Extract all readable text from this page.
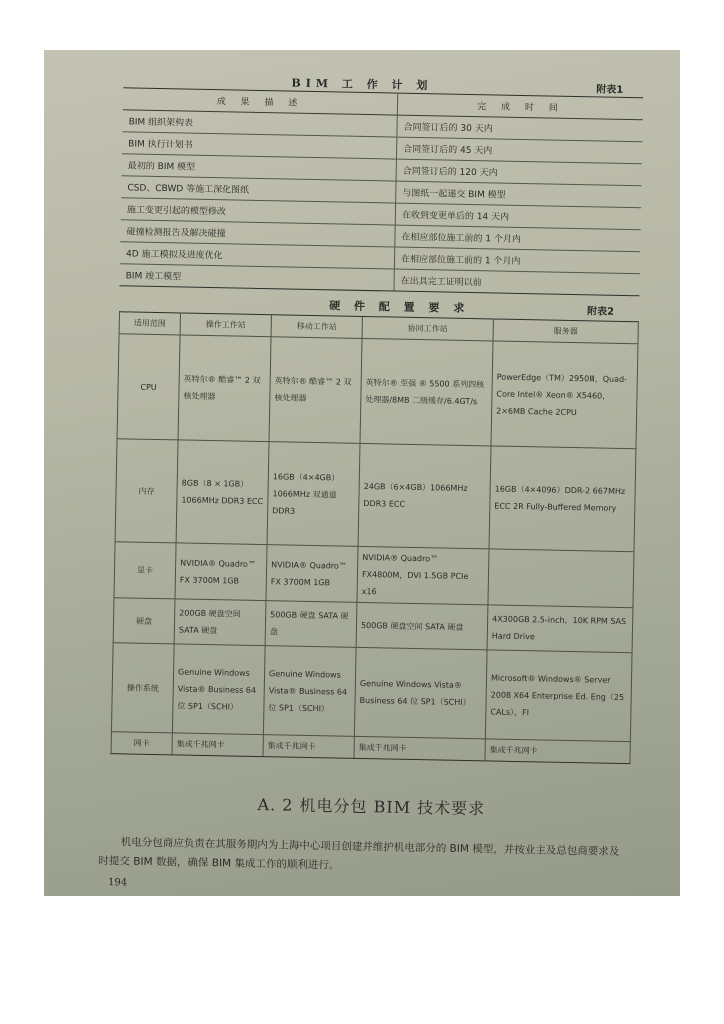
BIM 工 作 计 划	附表1
成 果 描 述	完 成 时 间
BIM 组织架构表	合同签订后的 30 天内
BIM 执行计划书	合同签订后的 45 天内
最初的 BIM 模型	合同签订后的 120 天内
CSD、CBWD 等施工深化图纸	与图纸一起递交 BIM 模型
施工变更引起的模型修改	在收到变更单后的 14 天内
碰撞检测报告及解决碰撞	在相应部位施工前的 1 个月内
4D 施工模拟及进度优化	在相应部位施工前的 1 个月内
BIM 竣工模型	在出具完工证明以前
硬 件 配 置 要 求	附表2
适用范围	操作工作站	移动工作站	协同工作站	服务器
CPU	英特尔® 酷睿™ 2 双核处理器	英特尔® 酷睿™ 2 双核处理器	英特尔® 至强 ® 5500 系列四核处理器/8MB 二级缓存/6.4GT/s	PowerEdge（TM）2950Ⅲ，Quad-Core Intel® Xeon® X5460，2×6MB Cache 2CPU
内存	8GB（8 × 1GB）1066MHz DDR3 ECC	16GB（4×4GB）1066MHz 双通道 DDR3	24GB（6×4GB）1066MHz DDR3 ECC	16GB（4×4096）DDR-2 667MHz ECC 2R Fully-Buffered Memory
显卡	NVIDIA® Quadro™ FX 3700M 1GB	NVIDIA® Quadro™ FX 3700M 1GB	NVIDIA® Quadro™ FX4800M，DVI 1.5GB PCIe x16	
硬盘	200GB 硬盘空间 SATA 硬盘	500GB 硬盘 SATA 硬盘	500GB 硬盘空间 SATA 硬盘	4X300GB 2.5-inch，10K RPM SAS Hard Drive
操作系统	Genuine Windows Vista® Business 64 位 SP1（SCHI）	Genuine Windows Vista® Business 64 位 SP1（SCHI）	Genuine Windows Vista® Business 64 位 SP1（SCHI）	Microsoft® Windows® Server 2008 X64 Enterprise Ed. Eng（25 CALs），FI
网卡	集成千兆网卡	集成千兆网卡	集成千兆网卡	集成千兆网卡
A. 2 机电分包 BIM 技术要求
机电分包商应负责在其服务期内为上海中心项目创建并维护机电部分的 BIM 模型，并按业主及总包商要求及时提交 BIM 数据，确保 BIM 集成工作的顺利进行。
194
